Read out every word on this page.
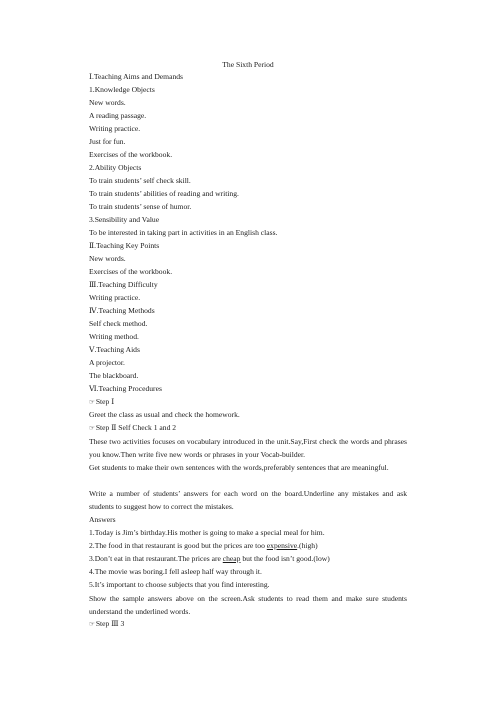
The Sixth Period
Ⅰ.Teaching Aims and Demands
1.Knowledge Objects
New words.
A reading passage.
Writing practice.
Just for fun.
Exercises of the workbook.
2.Ability Objects
To train students’ self check skill.
To train students’ abilities of reading and writing.
To train students’ sense of humor.
3.Sensibility and Value
To be interested in taking part in activities in an English class.
Ⅱ.Teaching Key Points
New words.
Exercises of the workbook.
Ⅲ.Teaching Difficulty
Writing practice.
Ⅳ.Teaching Methods
Self check method.
Writing method.
Ⅴ.Teaching Aids
A projector.
The blackboard.
Ⅵ.Teaching Procedures
☞Step Ⅰ
Greet the class as usual and check the homework.
☞Step Ⅱ Self Check 1 and 2
These two activities focuses on vocabulary introduced in the unit.Say,First check the words and phrases you know.Then write five new words or phrases in your Vocab-builder.
Get students to make their own sentences with the words,preferably sentences that are meaningful.
Write a number of students’ answers for each word on the board.Underline any mistakes and ask students to suggest how to correct the mistakes.
Answers
1.Today is Jim’s birthday.His mother is going to make a special meal for him.
2.The food in that restaurant is good but the prices are too expensive.(high)
3.Don’t eat in that restaurant.The prices are cheap but the food isn’t good.(low)
4.The movie was boring.I fell asleep half way through it.
5.It’s important to choose subjects that you find interesting.
Show the sample answers above on the screen.Ask students to read them and make sure students understand the underlined words.
☞Step Ⅲ 3
